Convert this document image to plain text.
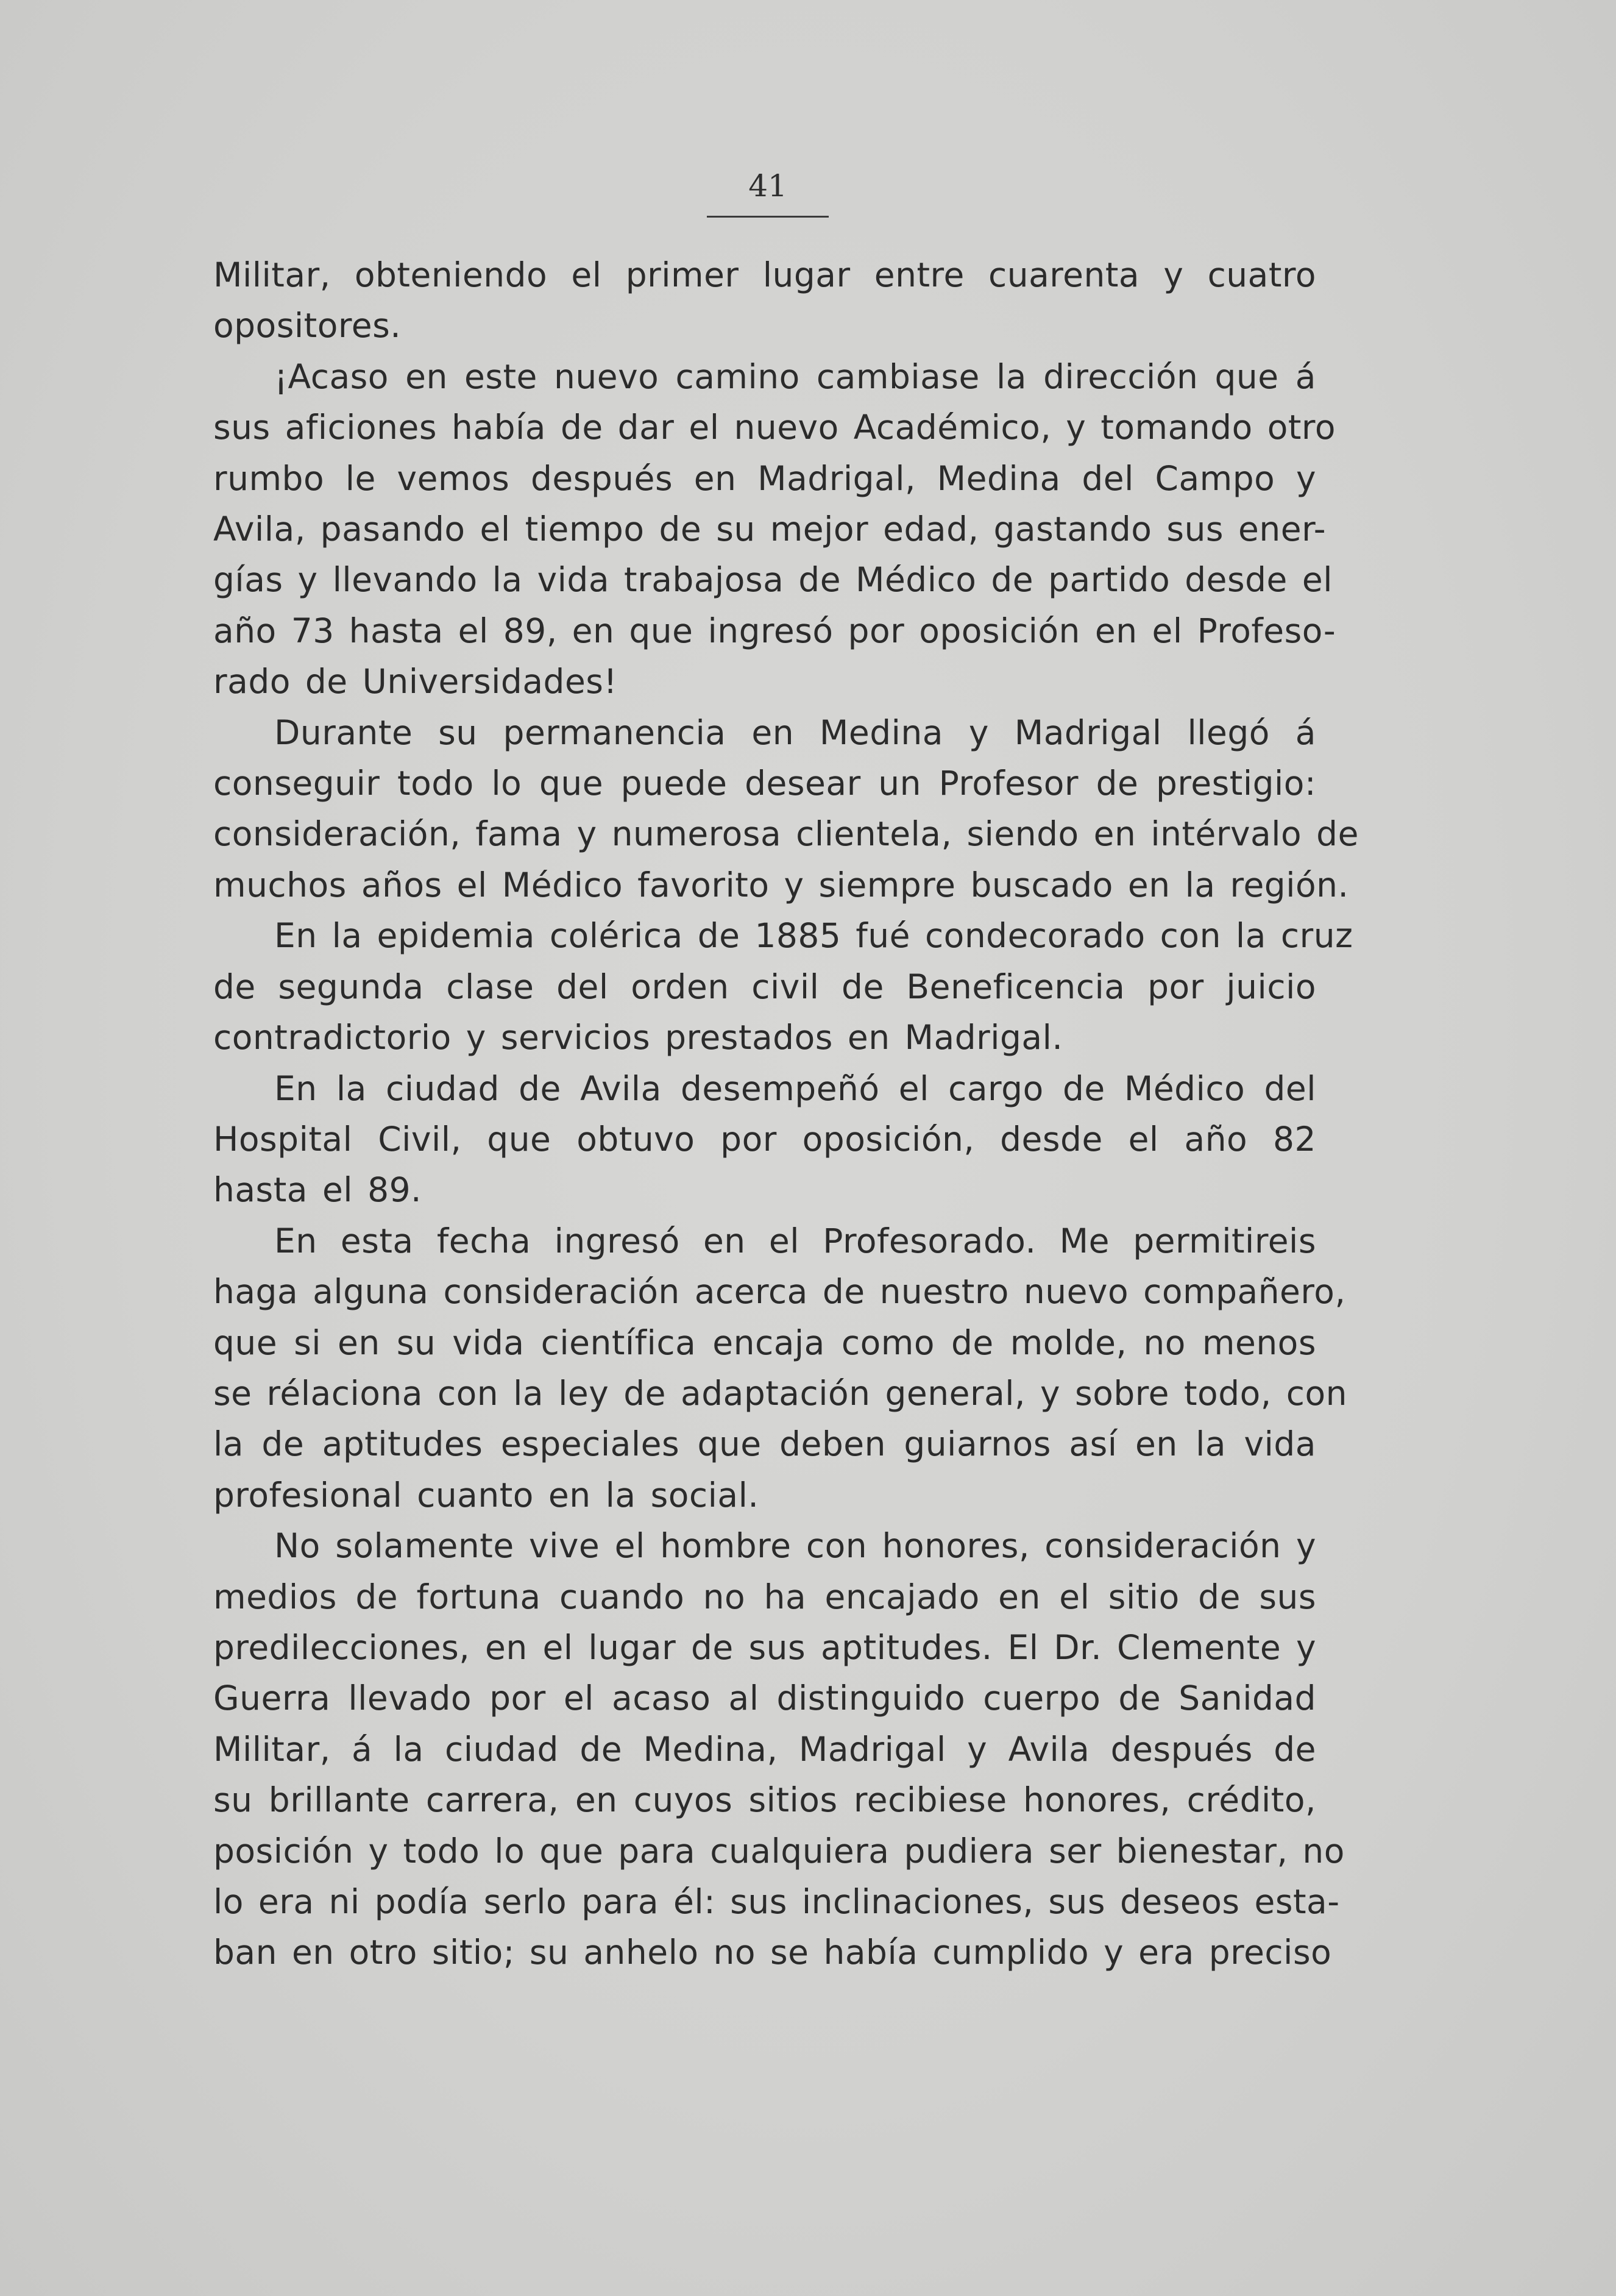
41
Militar, obteniendo el primer lugar entre cuarenta y cuatro
opositores.
¡Acaso en este nuevo camino cambiase la dirección que á
sus aficiones había de dar el nuevo Académico, y tomando otro
rumbo le vemos después en Madrigal, Medina del Campo y
Avila, pasando el tiempo de su mejor edad, gastando sus ener-
gías y llevando la vida trabajosa de Médico de partido desde el
año 73 hasta el 89, en que ingresó por oposición en el Profeso-
rado de Universidades!
Durante su permanencia en Medina y Madrigal llegó á
conseguir todo lo que puede desear un Profesor de prestigio:
consideración, fama y numerosa clientela, siendo en intérvalo de
muchos años el Médico favorito y siempre buscado en la región.
En la epidemia colérica de 1885 fué condecorado con la cruz
de segunda clase del orden civil de Beneficencia por juicio
contradictorio y servicios prestados en Madrigal.
En la ciudad de Avila desempeñó el cargo de Médico del
Hospital Civil, que obtuvo por oposición, desde el año 82
hasta el 89.
En esta fecha ingresó en el Profesorado. Me permitireis
haga alguna consideración acerca de nuestro nuevo compañero,
que si en su vida científica encaja como de molde, no menos
se rélaciona con la ley de adaptación general, y sobre todo, con
la de aptitudes especiales que deben guiarnos así en la vida
profesional cuanto en la social.
No solamente vive el hombre con honores, consideración y
medios de fortuna cuando no ha encajado en el sitio de sus
predilecciones, en el lugar de sus aptitudes. El Dr. Clemente y
Guerra llevado por el acaso al distinguido cuerpo de Sanidad
Militar, á la ciudad de Medina, Madrigal y Avila después de
su brillante carrera, en cuyos sitios recibiese honores, crédito,
posición y todo lo que para cualquiera pudiera ser bienestar, no
lo era ni podía serlo para él: sus inclinaciones, sus deseos esta-
ban en otro sitio; su anhelo no se había cumplido y era preciso
